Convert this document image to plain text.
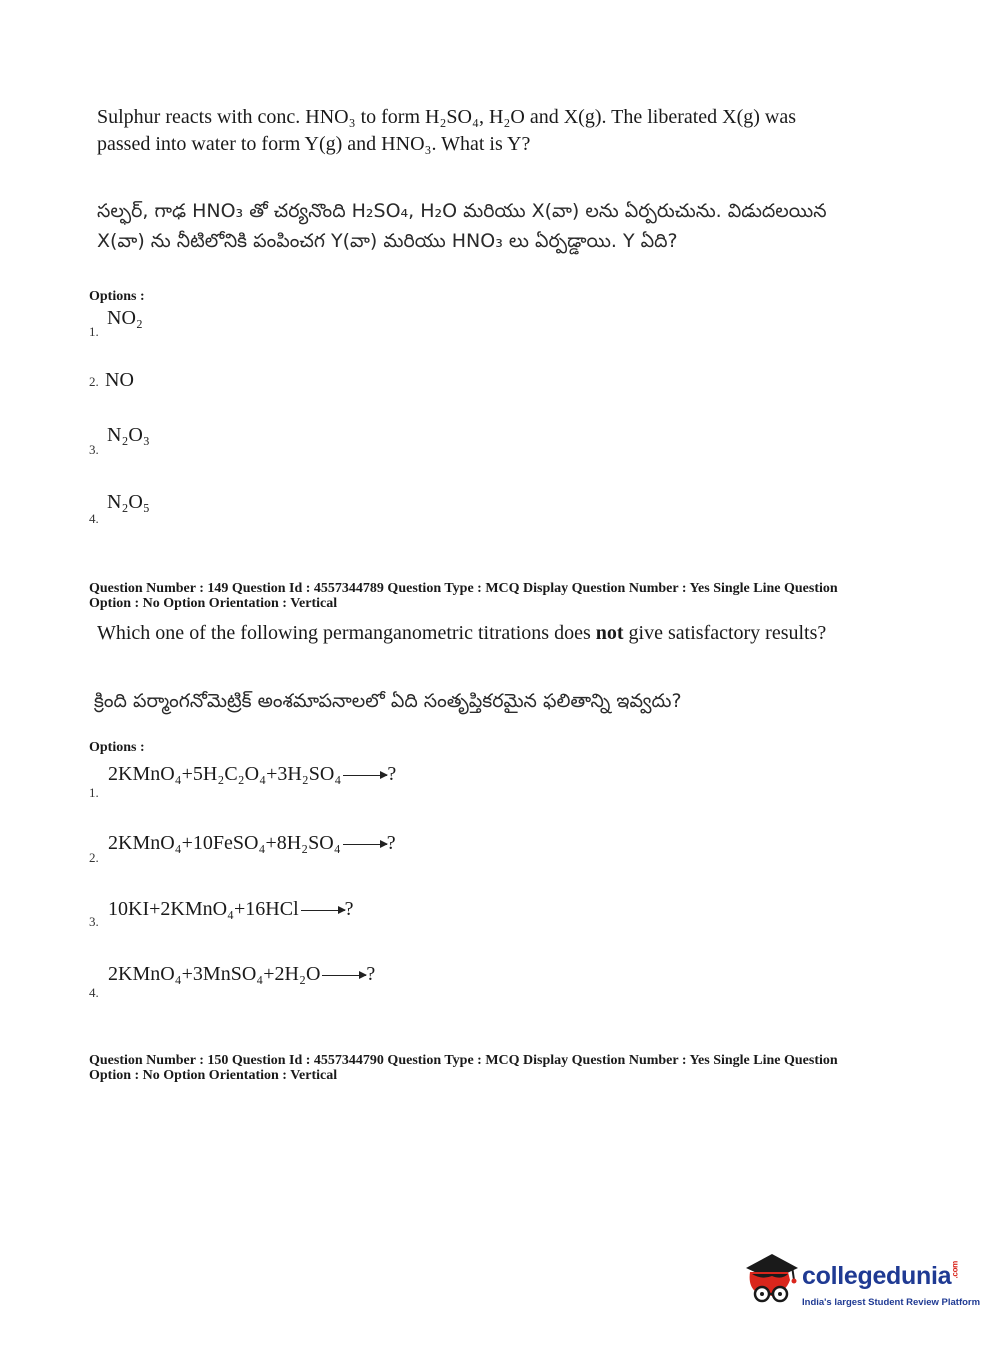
Sulphur reacts with conc. HNO₃ to form H₂SO₄, H₂O and X(g). The liberated X(g) was
passed into water to form Y(g) and HNO₃. What is Y?
సల్ఫర్, గాఢ HNO₃ తో చర్యనొంది H₂SO₄, H₂O మరియు X(వా) లను ఏర్పరుచును. విడుదలయిన
X(వా) ను నీటిలోనికి పంపించగ Y(వా) మరియు HNO₃ లు ఏర్పడ్డాయి. Y ఏది?
Options :
1.
NO₂
2. NO
3.
N₂O₃
4.
N₂O₅
Question Number : 149 Question Id : 4557344789 Question Type : MCQ Display Question Number : Yes Single Line Question
Option : No Option Orientation : Vertical
Which one of the following permanganometric titrations does not give satisfactory results?
క్రింది పర్మాంగనోమెట్రిక్ అంశమాపనాలలో ఏది సంతృప్తికరమైన ఫలితాన్ని ఇవ్వదు?
Options :
1.
2KMnO₄+5H₂C₂O₄+3H₂SO₄ →?
2.
2KMnO₄+10FeSO₄+8H₂SO₄ →?
3.
10KI+2KMnO₄+16HCl →?
4.
2KMnO₄+3MnSO₄+2H₂O →?
Question Number : 150 Question Id : 4557344790 Question Type : MCQ Display Question Number : Yes Single Line Question
Option : No Option Orientation : Vertical
collegedunia.com
India's largest Student Review Platform
